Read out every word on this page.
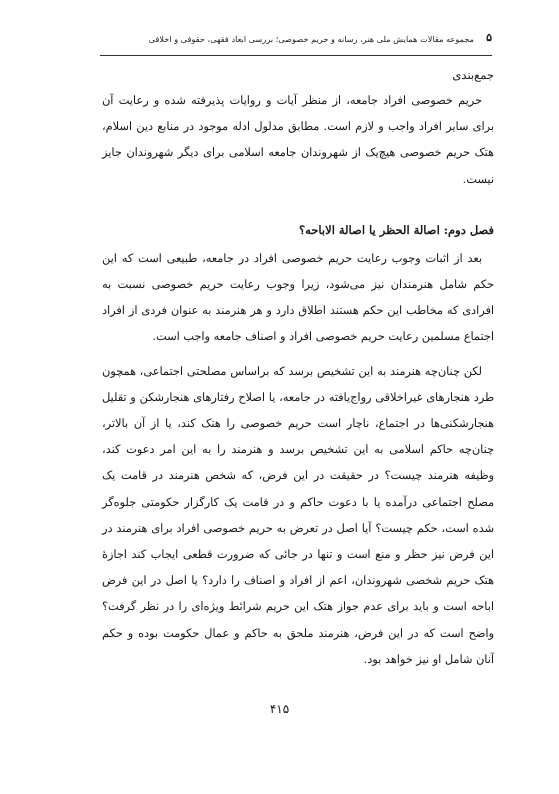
مجموعه مقالات همایش ملی هنر، رسانه و حریم خصوصی؛ بررسی ابعاد فقهی، حقوقی و اخلاقی ۵
جمع‌بندی

حریم خصوصی افراد جامعه، از منظر آیات و روایات پذیرفته شده و رعایت آن برای سایر افراد واجب و لازم است. مطابق مدلول ادله موجود در منابع دین اسلام، هتک حریم خصوصی هیچ‌یک از شهروندان جامعه اسلامی برای دیگر شهروندان جایز نیست.

فصل دوم: اصالة الحظر یا اصالة الاباحه؟

بعد از اثبات وجوب رعایت حریم خصوصی افراد در جامعه، طبیعی است که این حکم شامل هنرمندان نیز می‌شود، زیرا وجوب رعایت حریم خصوصی نسبت به افرادی که مخاطب این حکم هستند اطلاق دارد و هر هنرمند به عنوان فردی از افراد اجتماع مسلمین رعایت حریم خصوصی افراد و اصناف جامعه واجب است.

لکن چنان‌چه هنرمند به این تشخیص برسد که براساس مصلحتی اجتماعی، همچون طرد هنجارهای غیراخلاقی رواج‌یافته در جامعه، یا اصلاح رفتارهای هنجارشکن و تقلیل هنجارشکنی‌ها در اجتماع، ناچار است حریم خصوصی را هتک کند، یا از آن بالاتر، چنان‌چه حاکم اسلامی به این تشخیص برسد و هنرمند را به این امر دعوت کند، وظیفه هنرمند چیست؟ در حقیقت در این فرض، که شخص هنرمند در قامت یک مصلح اجتماعی درآمده یا با دعوت حاکم و در قامت یک کارگزار حکومتی جلوه‌گر شده است، حکم چیست؟ آیا اصل در تعرض به حریم خصوصی افراد برای هنرمند در این فرض نیز حظر و منع است و تنها در جائی که ضرورت قطعی ایجاب کند اجازهٔ هتک حریم شخصی شهروندان، اعم از افراد و اصناف را دارد؟ یا اصل در این فرض اباحه است و باید برای عدم جواز هتک این حریم شرائط ویژه‌ای را در نظر گرفت؟ واضح است که در این فرض، هنرمند ملحق به حاکم و عمال حکومت بوده و حکم آنان شامل او نیز خواهد بود.

۴۱۵
